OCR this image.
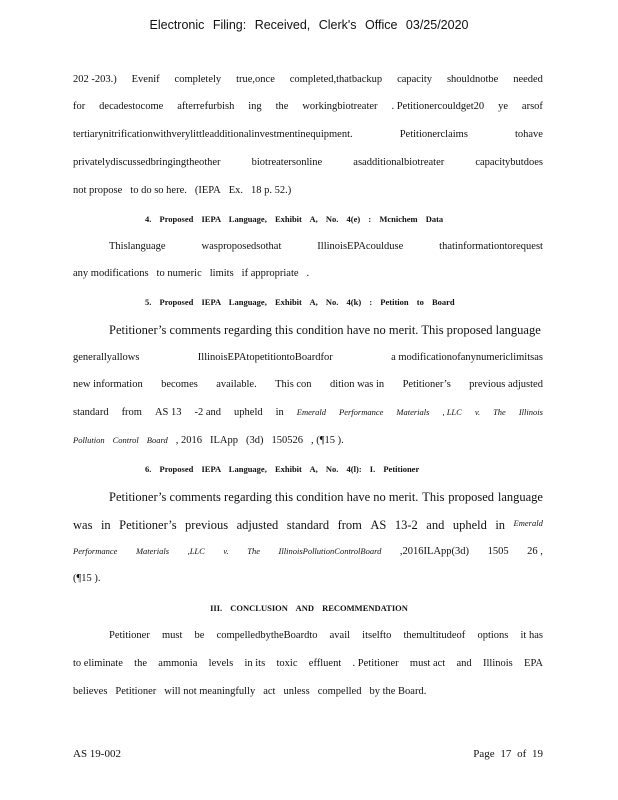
Electronic Filing: Received, Clerk's Office 03/25/2020
202 -203.) Evenif completely true,once completed,thatbackup capacity shouldnotbe needed
for decadestocome afterrefurbish ing the workingbiotreater . Petitionercouldget20 ye arsof
tertiarynitrificationwithverylittleadditionalinvestmentinequipment.	Petitionerclaims	tohave
privatelydiscussedbringingtheother	biotreatersonline	asadditionalbiotreater	capacitybutdoes
not propose to do so here. (IEPA Ex. 18 p. 52.)
4. Proposed IEPA Language, Exhibit A, No. 4(e) : Mcnichem Data
Thislanguage	wasproposedsothat	IllinoisEPAcoulduse	thatinformationtorequest
any modifications to numeric limits if appropriate .
5. Proposed IEPA Language, Exhibit A, No. 4(k) : Petition to Board
Petitioner’s comments regarding this condition have no merit. This proposed language
generallyallows	IllinoisEPAtopetitiontoBoardfor	a modificationofanynumericlimitsas
new information becomes available. This con dition was in Petitioner’s previous adjusted
standard from AS 13 -2 and upheld in Emerald Performance Materials , LLC v. The Illinois
Pollution Control Board , 2016 ILApp (3d) 150526 , (¶15 ).
6. Proposed IEPA Language, Exhibit A, No. 4(l): I. Petitioner
Petitioner’s comments regarding this condition have no merit. This proposed language
was in Petitioner’s previous adjusted standard from AS 13-2 and upheld in Emerald
Performance Materials ,LLC v. The IllinoisPollutionControlBoard ,2016ILApp(3d) 1505 26 ,
(¶15 ).
III. CONCLUSION AND RECOMMENDATION
Petitioner must be compelledbytheBoardto avail itselfto themultitudeof options it has
to eliminate the ammonia levels in its toxic effluent . Petitioner must act and Illinois EPA
believes Petitioner will not meaningfully act unless compelled by the Board.
AS 19-002	Page 17 of 19
